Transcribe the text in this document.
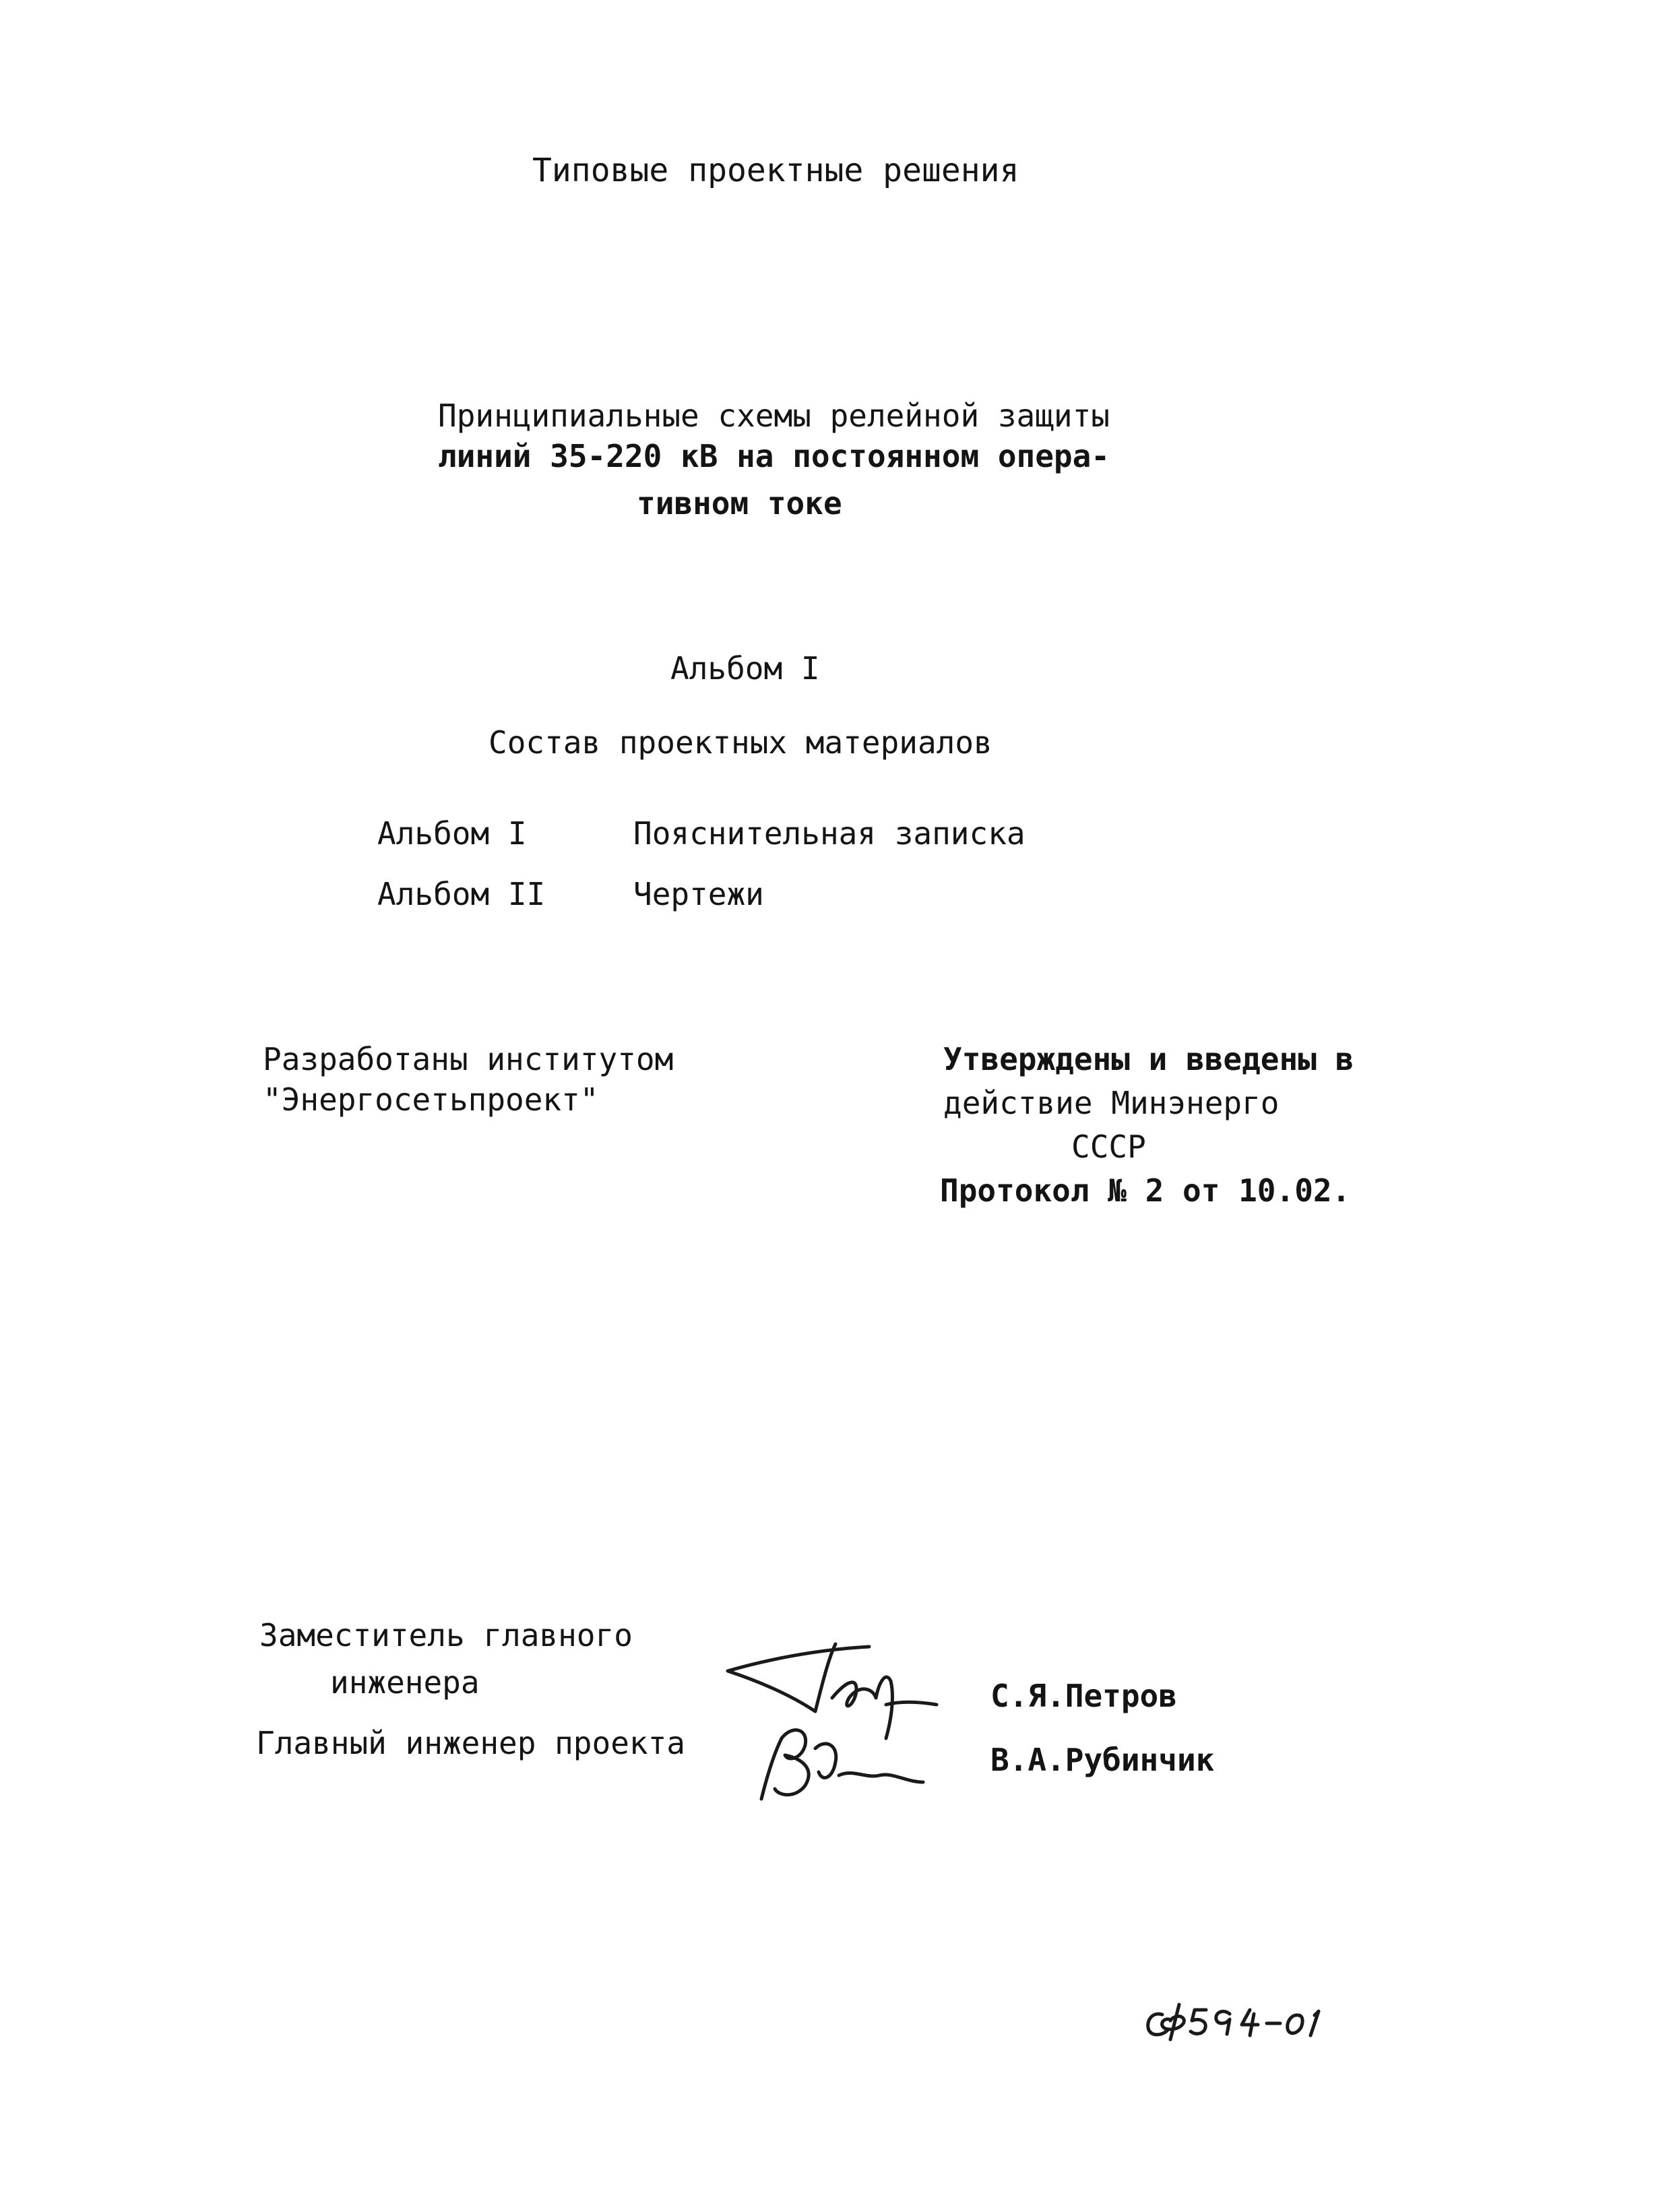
Типовые проектные решения
Принципиальные схемы релейной защиты
линий 35-220 кВ на постоянном опера-
тивном токе
Альбом I
Состав проектных материалов
Альбом I	Пояснительная записка
Альбом II	Чертежи
Разработаны институтом
"Энергосетьпроект"
Утверждены и введены в
действие Минэнерго
СССР
Протокол № 2 от 10.02.
Заместитель главного
инженера	С.Я.Петров
Главный инженер проекта	В.А.Рубинчик
